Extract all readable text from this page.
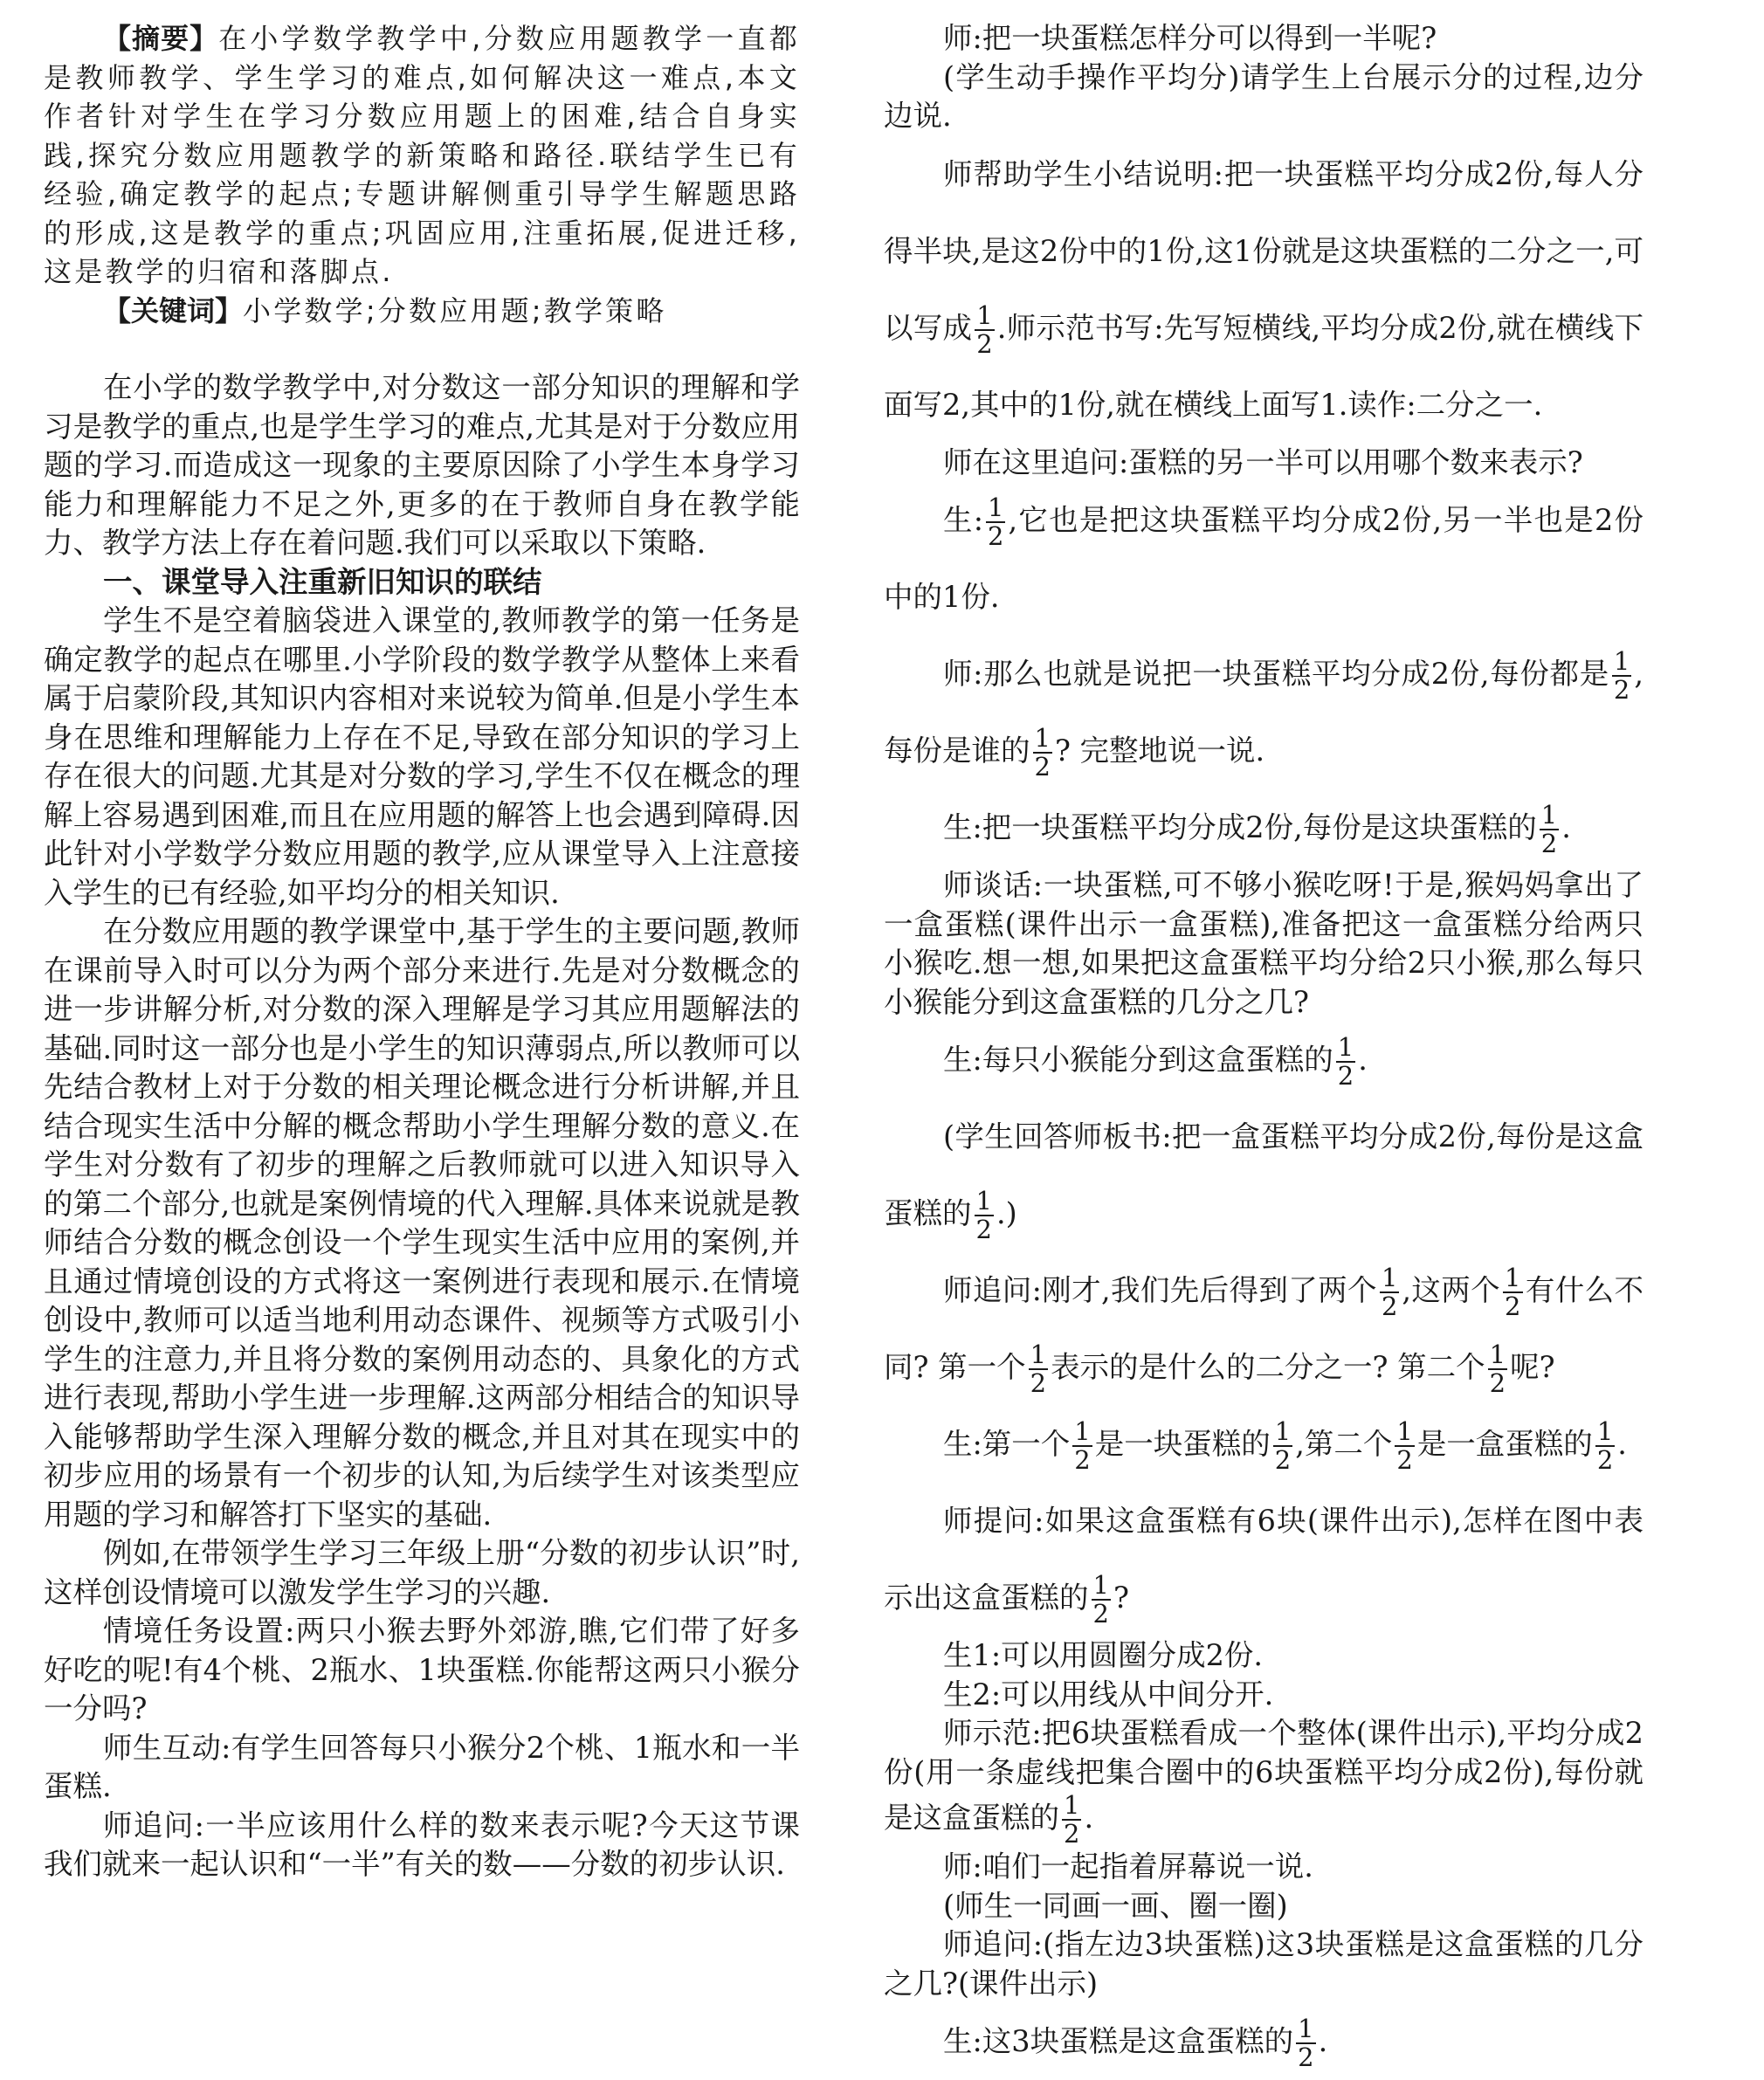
【摘要】在小学数学教学中,分数应用题教学一直都是教师教学、学生学习的难点,如何解决这一难点,本文作者针对学生在学习分数应用题上的困难,结合自身实践,探究分数应用题教学的新策略和路径.联结学生已有经验,确定教学的起点;专题讲解侧重引导学生解题思路的形成,这是教学的重点;巩固应用,注重拓展,促进迁移,这是教学的归宿和落脚点.

【关键词】小学数学;分数应用题;教学策略

在小学的数学教学中,对分数这一部分知识的理解和学习是教学的重点,也是学生学习的难点,尤其是对于分数应用题的学习.而造成这一现象的主要原因除了小学生本身学习能力和理解能力不足之外,更多的在于教师自身在教学能力、教学方法上存在着问题.我们可以采取以下策略.

一、课堂导入注重新旧知识的联结

学生不是空着脑袋进入课堂的,教师教学的第一任务是确定教学的起点在哪里.小学阶段的数学教学从整体上来看属于启蒙阶段,其知识内容相对来说较为简单.但是小学生本身在思维和理解能力上存在不足,导致在部分知识的学习上存在很大的问题.尤其是对分数的学习,学生不仅在概念的理解上容易遇到困难,而且在应用题的解答上也会遇到障碍.因此针对小学数学分数应用题的教学,应从课堂导入上注意接入学生的已有经验,如平均分的相关知识.

在分数应用题的教学课堂中,基于学生的主要问题,教师在课前导入时可以分为两个部分来进行.先是对分数概念的进一步讲解分析,对分数的深入理解是学习其应用题解法的基础.同时这一部分也是小学生的知识薄弱点,所以教师可以先结合教材上对于分数的相关理论概念进行分析讲解,并且结合现实生活中分解的概念帮助小学生理解分数的意义.在学生对分数有了初步的理解之后教师就可以进入知识导入的第二个部分,也就是案例情境的代入理解.具体来说就是教师结合分数的概念创设一个学生现实生活中应用的案例,并且通过情境创设的方式将这一案例进行表现和展示.在情境创设中,教师可以适当地利用动态课件、视频等方式吸引小学生的注意力,并且将分数的案例用动态的、具象化的方式进行表现,帮助小学生进一步理解.这两部分相结合的知识导入能够帮助学生深入理解分数的概念,并且对其在现实中的初步应用的场景有一个初步的认知,为后续学生对该类型应用题的学习和解答打下坚实的基础.

例如,在带领学生学习三年级上册“分数的初步认识”时,这样创设情境可以激发学生学习的兴趣.

情境任务设置:两只小猴去野外郊游,瞧,它们带了好多好吃的呢!有4个桃、2瓶水、1块蛋糕.你能帮这两只小猴分一分吗?

师生互动:有学生回答每只小猴分2个桃、1瓶水和一半蛋糕.

师追问:一半应该用什么样的数来表示呢?今天这节课我们就来一起认识和“一半”有关的数——分数的初步认识.

师:把一块蛋糕怎样分可以得到一半呢?

(学生动手操作平均分)请学生上台展示分的过程,边分边说.

师帮助学生小结说明:把一块蛋糕平均分成2份,每人分得半块,是这2份中的1份,这1份就是这块蛋糕的二分之一,可以写成 $\frac{1}{2}$ .师示范书写:先写短横线,平均分成2份,就在横线下面写2,其中的1份,就在横线上面写1.读作:二分之一.

师在这里追问:蛋糕的另一半可以用哪个数来表示?

生: $\frac{1}{2}$ ,它也是把这块蛋糕平均分成2份,另一半也是2份中的1份.

师:那么也就是说把一块蛋糕平均分成2份,每份都是 $\frac{1}{2}$ ,每份是谁的 $\frac{1}{2}$ ? 完整地说一说.

生:把一块蛋糕平均分成2份,每份是这块蛋糕的 $\frac{1}{2}$ .

师谈话:一块蛋糕,可不够小猴吃呀!于是,猴妈妈拿出了一盒蛋糕(课件出示一盒蛋糕),准备把这一盒蛋糕分给两只小猴吃.想一想,如果把这盒蛋糕平均分给2只小猴,那么每只小猴能分到这盒蛋糕的几分之几?

生:每只小猴能分到这盒蛋糕的 $\frac{1}{2}$ .

(学生回答师板书:把一盒蛋糕平均分成2份,每份是这盒蛋糕的 $\frac{1}{2}$ .)

师追问:刚才,我们先后得到了两个 $\frac{1}{2}$ ,这两个 $\frac{1}{2}$ 有什么不同? 第一个 $\frac{1}{2}$ 表示的是什么的二分之一? 第二个 $\frac{1}{2}$ 呢?

生:第一个 $\frac{1}{2}$ 是一块蛋糕的 $\frac{1}{2}$ ,第二个 $\frac{1}{2}$ 是一盒蛋糕的 $\frac{1}{2}$ .

师提问:如果这盒蛋糕有6块(课件出示),怎样在图中表示出这盒蛋糕的 $\frac{1}{2}$ ?

生1:可以用圆圈分成2份.

生2:可以用线从中间分开.

师示范:把6块蛋糕看成一个整体(课件出示),平均分成2份(用一条虚线把集合圈中的6块蛋糕平均分成2份),每份就是这盒蛋糕的 $\frac{1}{2}$ .

师:咱们一起指着屏幕说一说.

(师生一同画一画、圈一圈)

师追问:(指左边3块蛋糕)这3块蛋糕是这盒蛋糕的几分之几?(课件出示)

生:这3块蛋糕是这盒蛋糕的 $\frac{1}{2}$ .
